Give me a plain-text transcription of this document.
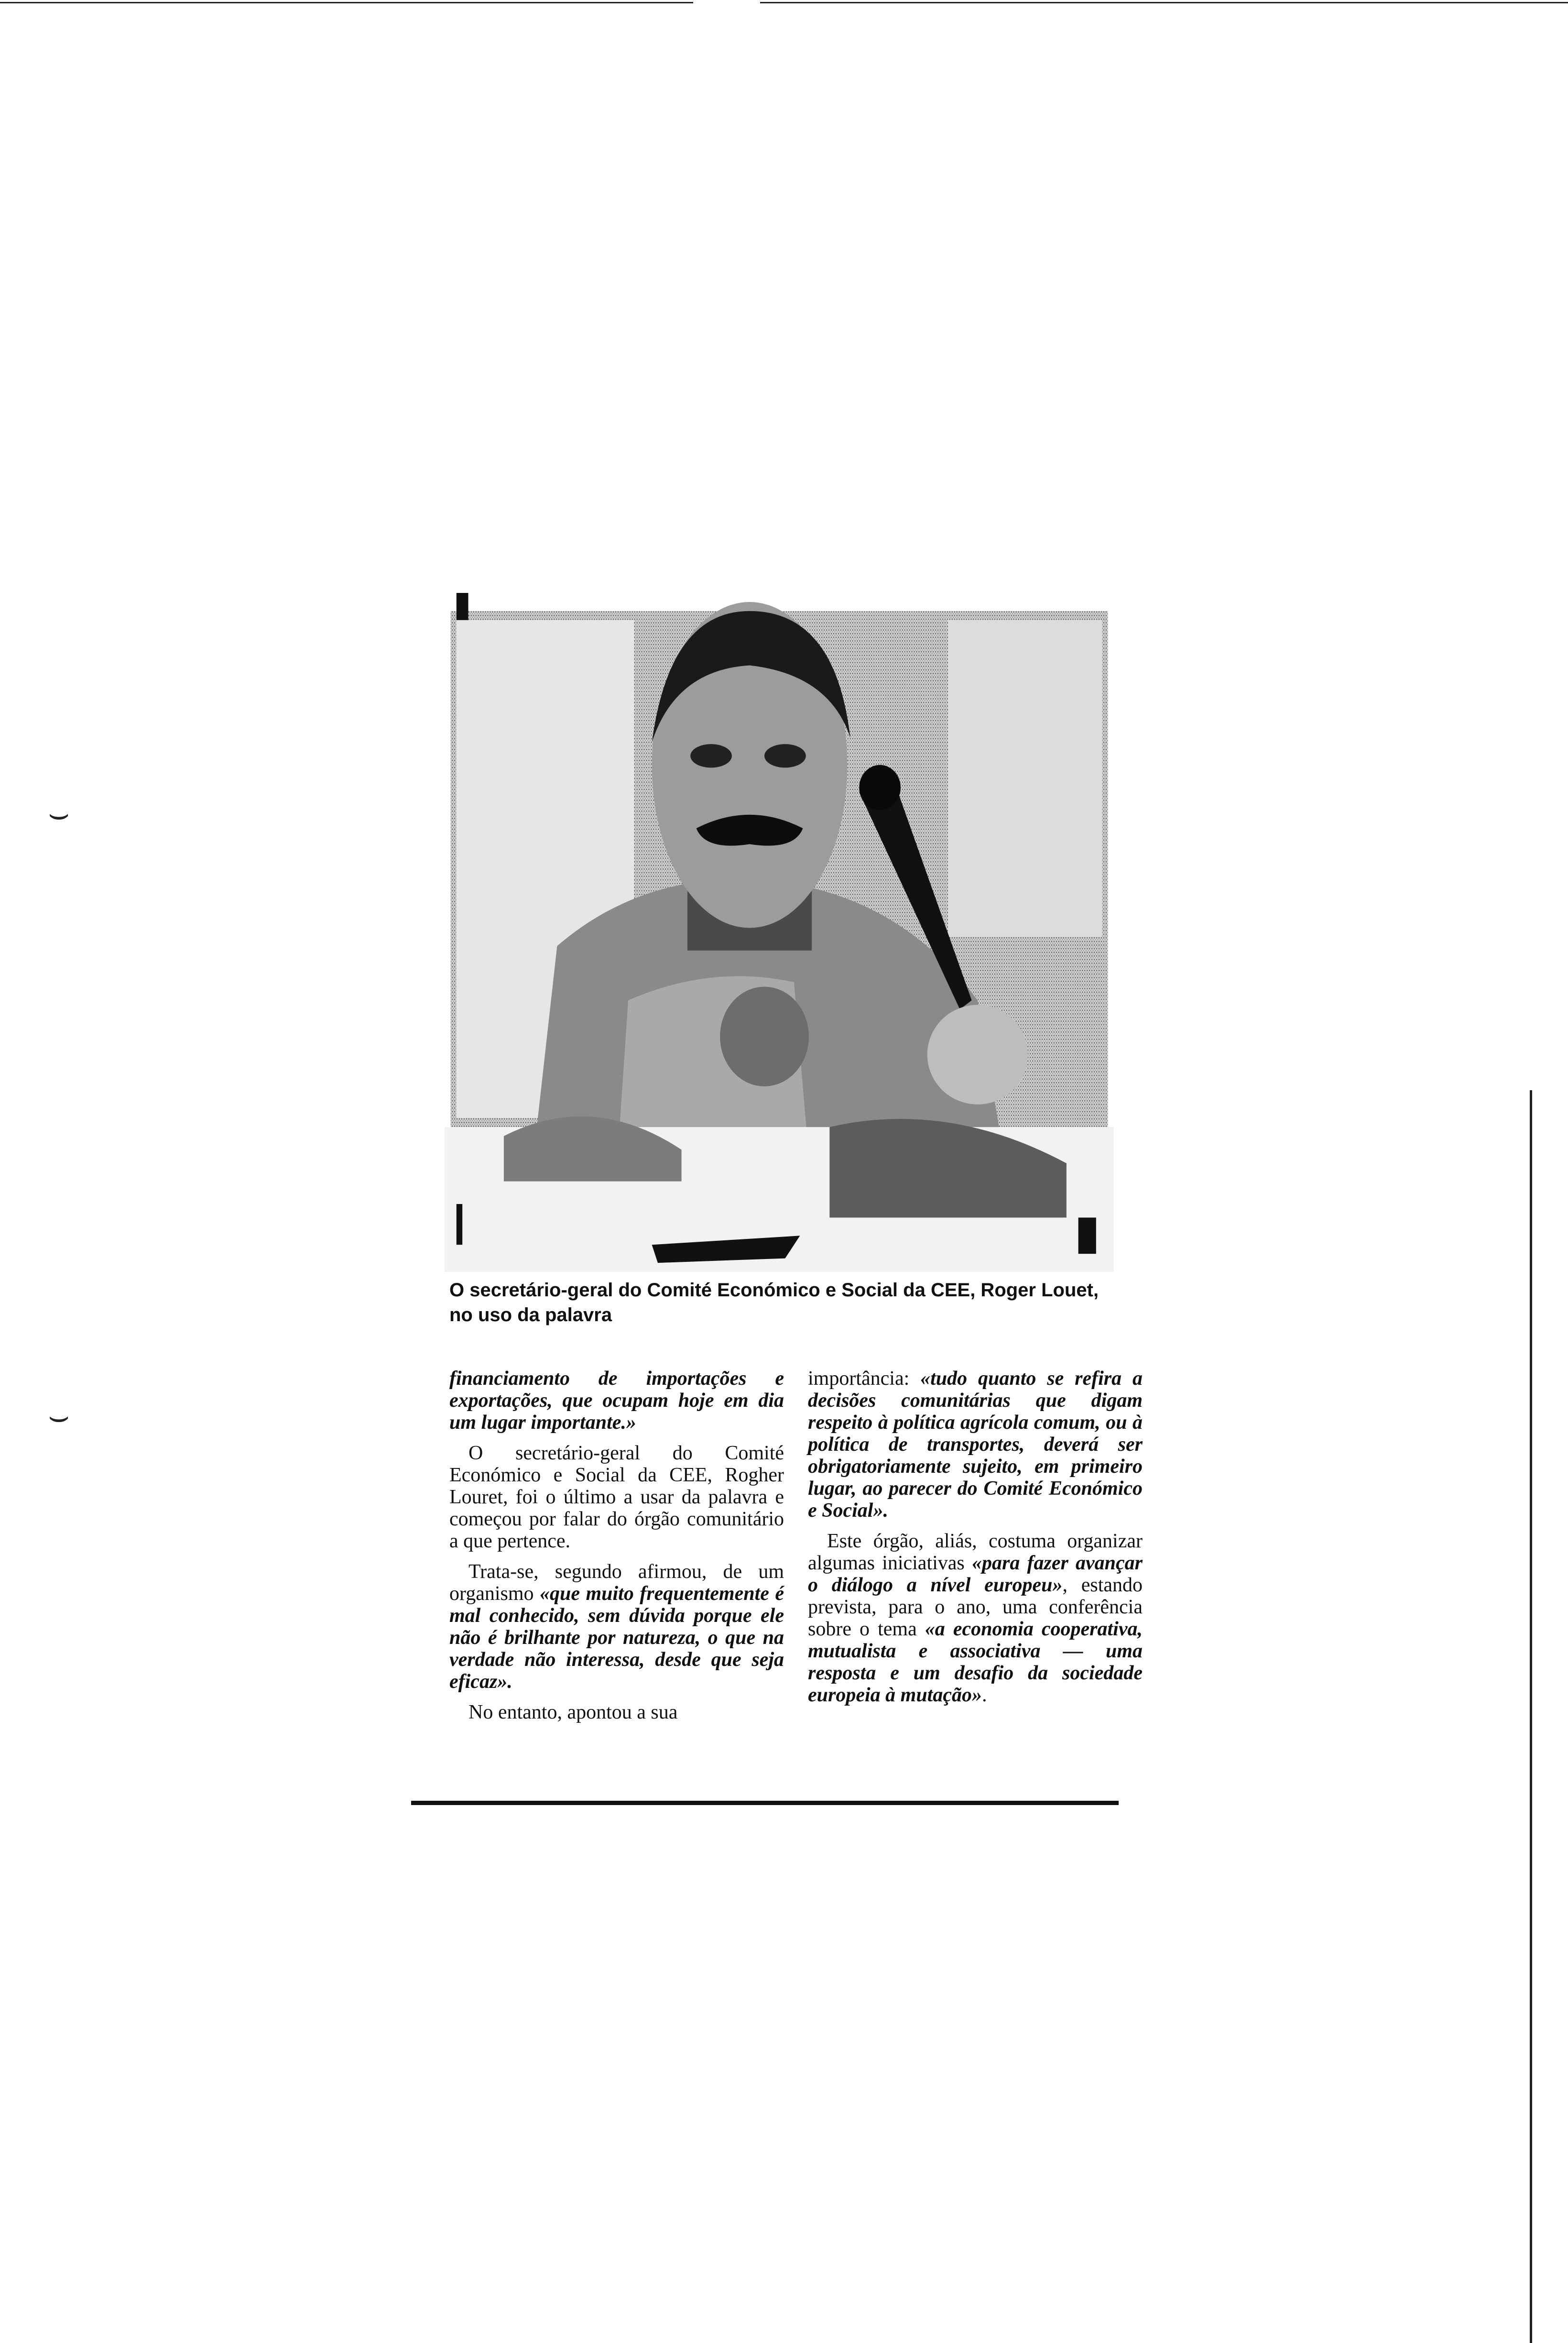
⌣
⌣
O secretário-geral do Comité Económico e Social da CEE, Roger Louet, no uso da palavra

financiamento de importações e exportações, que ocupam hoje em dia um lugar importante.»

O secretário-geral do Comité Económico e Social da CEE, Rogher Louret, foi o último a usar da palavra e começou por falar do órgão comunitário a que pertence.

Trata-se, segundo afirmou, de um organismo «que muito frequentemente é mal conhecido, sem dúvida porque ele não é brilhante por natureza, o que na verdade não interessa, desde que seja eficaz».

No entanto, apontou a sua

importância: «tudo quanto se refira a decisões comunitárias que digam respeito à política agrícola comum, ou à política de transportes, deverá ser obrigatoriamente sujeito, em primeiro lugar, ao parecer do Comité Económico e Social».

Este órgão, aliás, costuma organizar algumas iniciativas «para fazer avançar o diálogo a nível europeu», estando prevista, para o ano, uma conferência sobre o tema «a economia cooperativa, mutualista e associativa — uma resposta e um desafio da sociedade europeia à mutação».
